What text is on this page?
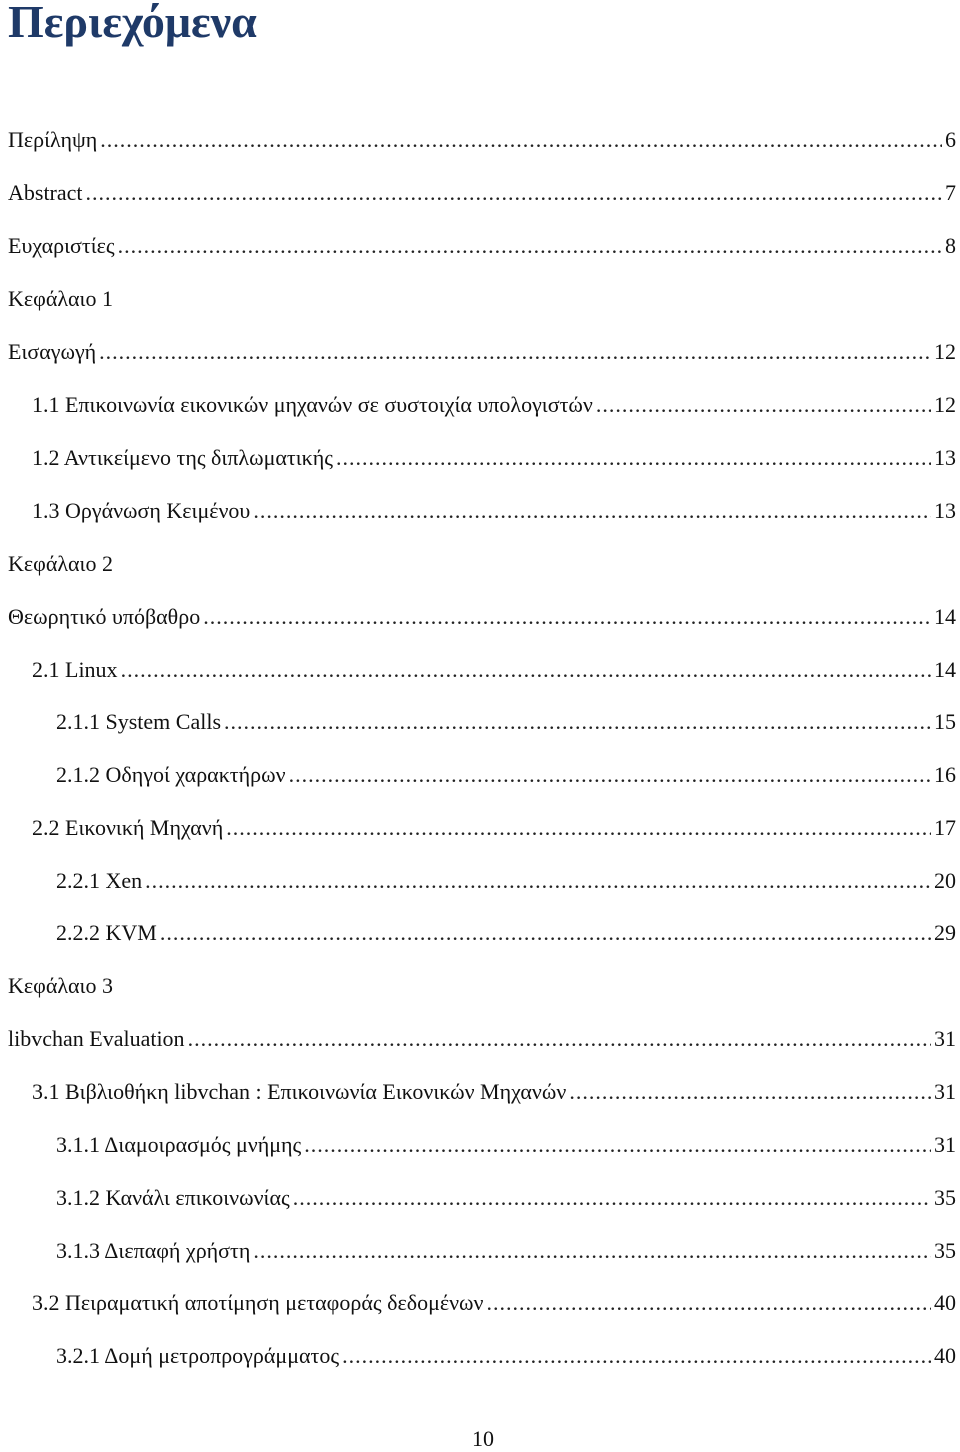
Περιεχόμενα
Περίληψη .....	6
Abstract .....	7
Ευχαριστίες .....	8
Κεφάλαιο 1
Εισαγωγή .....	12
1.1 Επικοινωνία εικονικών μηχανών σε συστοιχία υπολογιστών .....	12
1.2 Αντικείμενο της διπλωματικής .....	13
1.3 Οργάνωση Κειμένου .....	13
Κεφάλαιο 2
Θεωρητικό υπόβαθρο .....	14
2.1 Linux .....	14
2.1.1 System Calls .....	15
2.1.2 Οδηγοί χαρακτήρων .....	16
2.2 Εικονική Μηχανή .....	17
2.2.1 Xen .....	20
2.2.2 KVM .....	29
Κεφάλαιο 3
libvchan Evaluation .....	31
3.1 Βιβλιοθήκη libvchan : Επικοινωνία Εικονικών Μηχανών .....	31
3.1.1 Διαμοιρασμός μνήμης .....	31
3.1.2 Κανάλι επικοινωνίας .....	35
3.1.3 Διεπαφή χρήστη .....	35
3.2 Πειραματική αποτίμηση μεταφοράς δεδομένων .....	40
3.2.1 Δομή μετροπρογράμματος .....	40
10
